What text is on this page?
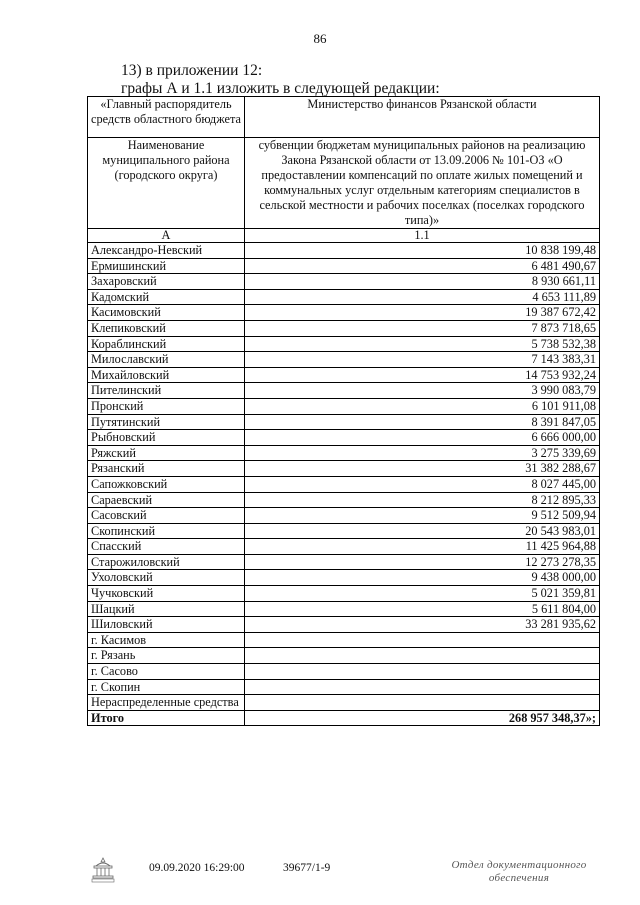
86
13) в приложении 12:
графы А и 1.1 изложить в следующей редакции:
«Главный распорядитель средств областного бюджета	Министерство финансов Рязанской области
Наименование муниципального района (городского округа)	субвенции бюджетам муниципальных районов на реализацию Закона Рязанской области от 13.09.2006 № 101-ОЗ «О предоставлении компенсаций по оплате жилых помещений и коммунальных услуг отдельным категориям специалистов в сельской местности и рабочих поселках (поселках городского типа)»
А	1.1
Александро-Невский	10 838 199,48
Ермишинский	6 481 490,67
Захаровский	8 930 661,11
Кадомский	4 653 111,89
Касимовский	19 387 672,42
Клепиковский	7 873 718,65
Кораблинский	5 738 532,38
Милославский	7 143 383,31
Михайловский	14 753 932,24
Пителинский	3 990 083,79
Пронский	6 101 911,08
Путятинский	8 391 847,05
Рыбновский	6 666 000,00
Ряжский	3 275 339,69
Рязанский	31 382 288,67
Сапожковский	8 027 445,00
Сараевский	8 212 895,33
Сасовский	9 512 509,94
Скопинский	20 543 983,01
Спасский	11 425 964,88
Старожиловский	12 273 278,35
Ухоловский	9 438 000,00
Чучковский	5 021 359,81
Шацкий	5 611 804,00
Шиловский	33 281 935,62
г. Касимов	
г. Рязань	
г. Сасово	
г. Скопин	
Нераспределенные средства	
Итого	268 957 348,37»;
09.09.2020 16:29:00	39677/1-9	Отдел документационного обеспечения
